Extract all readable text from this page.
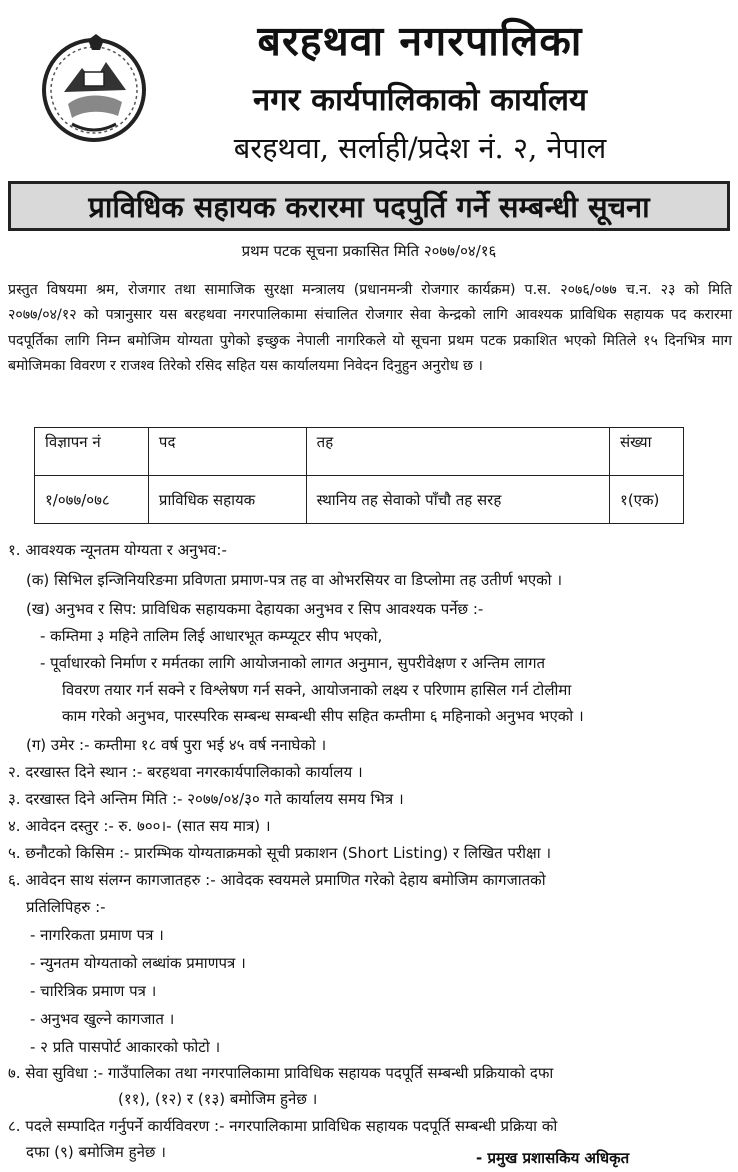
बरहथवा नगरपालिका
नगर कार्यपालिकाको कार्यालय
बरहथवा, सर्लाही/प्रदेश नं. २, नेपाल
प्राविधिक सहायक करारमा पदपुर्ति गर्ने सम्बन्धी सूचना
प्रथम पटक सूचना प्रकासित मिति २०७७/०४/१६
प्रस्तुत विषयमा श्रम, रोजगार तथा सामाजिक सुरक्षा मन्त्रालय (प्रधानमन्त्री रोजगार कार्यक्रम) प.स. २०७६/०७७ च.न. २३ को मिति २०७७/०४/१२ को पत्रानुसार यस बरहथवा नगरपालिकामा संचालित रोजगार सेवा केन्द्रको लागि आवश्यक प्राविधिक सहायक पद करारमा पदपूर्तिका लागि निम्न बमोजिम योग्यता पुगेको इच्छुक नेपाली नागरिकले यो सूचना प्रथम पटक प्रकाशित भएको मितिले १५ दिनभित्र माग बमोजिमका विवरण र राजश्व तिरेको रसिद सहित यस कार्यालयमा निवेदन दिनुहुन अनुरोध छ ।
विज्ञापन नं	पद	तह	संख्या
१/०७७/०७८	प्राविधिक सहायक	स्थानिय तह सेवाको पाँचौ तह सरह	१(एक)
१. आवश्यक न्यूनतम योग्यता र अनुभव:-
(क) सिभिल इन्जिनियरिङमा प्रविणता प्रमाण-पत्र तह वा ओभरसियर वा डिप्लोमा तह उतीर्ण भएको ।
(ख) अनुभव र सिप: प्राविधिक सहायकमा देहायका अनुभव र सिप आवश्यक पर्नेछ :-
- कम्तिमा ३ महिने तालिम लिई आधारभूत कम्प्यूटर सीप भएको,
- पूर्वाधारको निर्माण र मर्मतका लागि आयोजनाको लागत अनुमान, सुपरीवेक्षण र अन्तिम लागत
विवरण तयार गर्न सक्ने र विश्लेषण गर्न सक्ने, आयोजनाको लक्ष्य र परिणाम हासिल गर्न टोलीमा
काम गरेको अनुभव, पारस्परिक सम्बन्ध सम्बन्धी सीप सहित कम्तीमा ६ महिनाको अनुभव भएको ।
(ग) उमेर :- कम्तीमा १८ वर्ष पुरा भई ४५ वर्ष ननाघेको ।
२. दरखास्त दिने स्थान :- बरहथवा नगरकार्यपालिकाको कार्यालय ।
३. दरखास्त दिने अन्तिम मिति :- २०७७/०४/३० गते कार्यालय समय भित्र ।
४. आवेदन दस्तुर :- रु. ७००।- (सात सय मात्र) ।
५. छनौटको किसिम :- प्रारम्भिक योग्यताक्रमको सूची प्रकाशन (Short Listing) र लिखित परीक्षा ।
६. आवेदन साथ संलग्न कागजातहरु :- आवेदक स्वयमले प्रमाणित गरेको देहाय बमोजिम कागजातको
प्रतिलिपिहरु :-
- नागरिकता प्रमाण पत्र ।
- न्युनतम योग्यताको लब्धांक प्रमाणपत्र ।
- चारित्रिक प्रमाण पत्र ।
- अनुभव खुल्ने कागजात ।
- २ प्रति पासपोर्ट आकारको फोटो ।
७. सेवा सुविधा :- गाउँपालिका तथा नगरपालिकामा प्राविधिक सहायक पदपूर्ति सम्बन्धी प्रक्रियाको दफा
(११), (१२) र (१३) बमोजिम हुनेछ ।
८. पदले सम्पादित गर्नुपर्ने कार्यविवरण :- नगरपालिकामा प्राविधिक सहायक पदपूर्ति सम्बन्धी प्रक्रिया को
दफा (९) बमोजिम हुनेछ ।	- प्रमुख प्रशासकिय अधिकृत
